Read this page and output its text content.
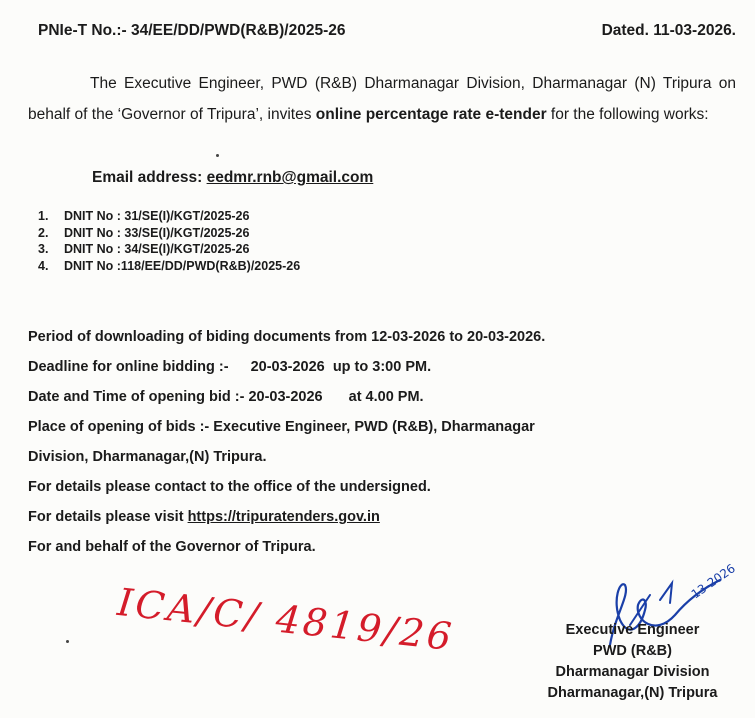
PNIe-T No.:- 34/EE/DD/PWD(R&B)/2025-26	Dated. 11-03-2026.
The Executive Engineer, PWD (R&B) Dharmanagar Division, Dharmanagar (N) Tripura on behalf of the ‘Governor of Tripura’, invites online percentage rate e-tender for the following works:
Email address: eedmr.rnb@gmail.com
1. DNIT No : 31/SE(I)/KGT/2025-26
2. DNIT No : 33/SE(I)/KGT/2025-26
3. DNIT No : 34/SE(I)/KGT/2025-26
4. DNIT No :118/EE/DD/PWD(R&B)/2025-26
Period of downloading of biding documents from 12-03-2026 to 20-03-2026.
Deadline for online bidding :- 20-03-2026 up to 3:00 PM.
Date and Time of opening bid :- 20-03-2026 at 4.00 PM.
Place of opening of bids :- Executive Engineer, PWD (R&B), Dharmanagar
Division, Dharmanagar,(N) Tripura.
For details please contact to the office of the undersigned.
For details please visit https://tripuratenders.gov.in
For and behalf of the Governor of Tripura.
ICA/C/ 4819/26	13-2026
Executive Engineer
PWD (R&B)
Dharmanagar Division
Dharmanagar,(N) Tripura
